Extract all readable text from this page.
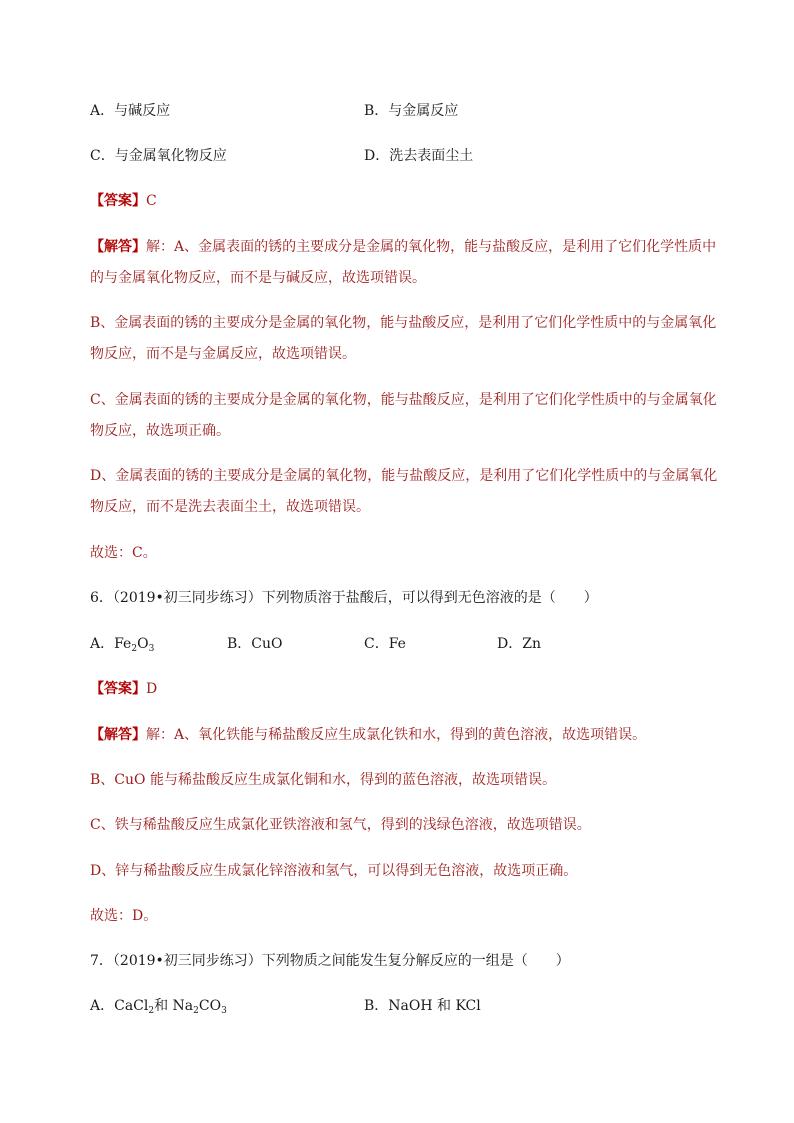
A．与碱反应	B．与金属反应
C．与金属氧化物反应	D．洗去表面尘土
【答案】C
【解答】解：A、金属表面的锈的主要成分是金属的氧化物，能与盐酸反应，是利用了它们化学性质中
的与金属氧化物反应，而不是与碱反应，故选项错误。
B、金属表面的锈的主要成分是金属的氧化物，能与盐酸反应，是利用了它们化学性质中的与金属氧化
物反应，而不是与金属反应，故选项错误。
C、金属表面的锈的主要成分是金属的氧化物，能与盐酸反应，是利用了它们化学性质中的与金属氧化
物反应，故选项正确。
D、金属表面的锈的主要成分是金属的氧化物，能与盐酸反应，是利用了它们化学性质中的与金属氧化
物反应，而不是洗去表面尘土，故选项错误。
故选：C。
6．（2019•初三同步练习）下列物质溶于盐酸后，可以得到无色溶液的是（　　）
A．$Fe_2O_3$	B．CuO	C．Fe	D．Zn
【答案】D
【解答】解：A、氧化铁能与稀盐酸反应生成氯化铁和水，得到的黄色溶液，故选项错误。
B、CuO 能与稀盐酸反应生成氯化铜和水，得到的蓝色溶液，故选项错误。
C、铁与稀盐酸反应生成氯化亚铁溶液和氢气，得到的浅绿色溶液，故选项错误。
D、锌与稀盐酸反应生成氯化锌溶液和氢气，可以得到无色溶液，故选项正确。
故选：D。
7．（2019•初三同步练习）下列物质之间能发生复分解反应的一组是（　　）
A．CaCl$_2$和 $Na_2CO_3$	B．NaOH 和 KCl
